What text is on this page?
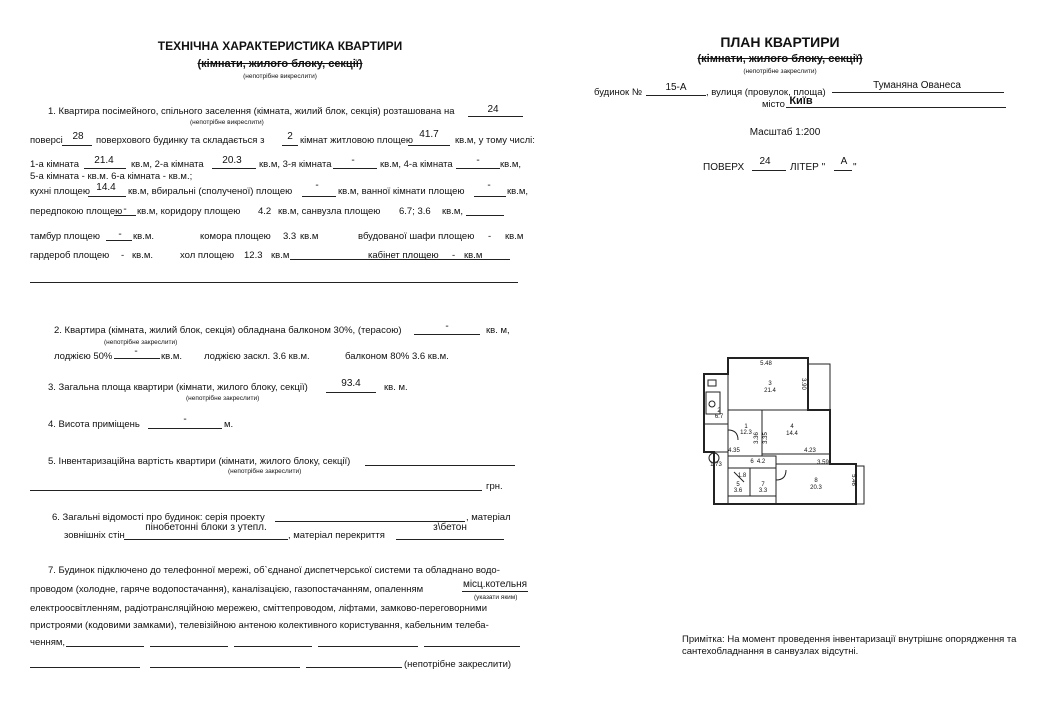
ТЕХНІЧНА ХАРАКТЕРИСТИКА КВАРТИРИ
(кімнати, жилого блоку, секції)
(непотрібне викреслити)
1. Квартира посімейного, спільного заселення (кімната, жилий блок, секція) розташована на	24
(непотрібне викреслити)
поверсі 28	поверхового будинку та складається з	2 кімнат житловою площею
41.7
кв.м, у тому числі:
1-а кімната	21.4	кв.м, 2-а кімната	20.3	кв.м, 3-я кімната	-	кв.м, 4-а кімната	-	кв.м,
5-а кімната - кв.м. 6-а кімната - кв.м.;
кухні площею 14.4	кв.м, вбиральні (сполученої) площею
-
кв.м, ванної кімнати площею
-
кв.м,
передпокою площею -	кв.м, коридору площею 4.2 кв.м, санвузла площею 6.7; 3.6 кв.м,
тамбур площею	-	кв.м.	комора площею 3.3 кв.м	вбудованої шафи площею - кв.м
гардероб площею - кв.м.	хол площею 12.3 кв.м	кабінет площею - кв.м
2. Квартира (кімната, жилий блок, секція) обладнана балконом 30%, (терасою)	-	кв. м,
(непотрібне закреслити)
лоджією 50%	-	кв.м. лоджією заскл. 3.6 кв.м.	балконом 80% 3.6 кв.м.
3. Загальна площа квартири (кімнати, жилого блоку, секції)	93.4	кв. м.
(непотрібне закреслити)
4. Висота приміщень	-	м.
5. Інвентаризаційна вартість квартири (кімнати, жилого блоку, секції)
(непотрібне закреслити)
грн.
6. Загальні відомості про будинок: серія проекту	, матеріал
зовнішніх стін
пінобетонні блоки з утепл.
, матеріал перекриття
з\бетон
7. Будинок підключено до телефонної мережі, об`єднаної диспетчерської системи та обладнано водо-
проводом (холодне, гаряче водопостачання), каналізацією, газопостачанням, опаленням	місц.котельня
(указати яким)
електроосвітленням, радіотрансляційною мережею, сміттепроводом, ліфтами, замково-переговорними
пристроями (кодовими замками), телевізійною антеною колективного користування, кабельним телеба-
ченням,
(непотрібне закреслити)
ПЛАН КВАРТИРИ
(кімнати, жилого блоку, секції)
(непотрібне закреслити)
будинок №	15-А	, вулиця (провулок, площа)
Туманяна Ованеса
місто Київ
Масштаб 1:200
ПОВЕРХ
24
ЛІТЕР "
А
"
5.48
3.90
3
21.4
2
6.7
1
12.3
4
14.4
3.35
3.36
4.35	4.23
3.59
6 4.2
5
3.6
7
3.3
8
20.3
5.46
1.73
1.8
Примітка: На момент проведення інвентаризації внутрішнє опорядження та
сантехобладнання в санвузлах відсутні.
